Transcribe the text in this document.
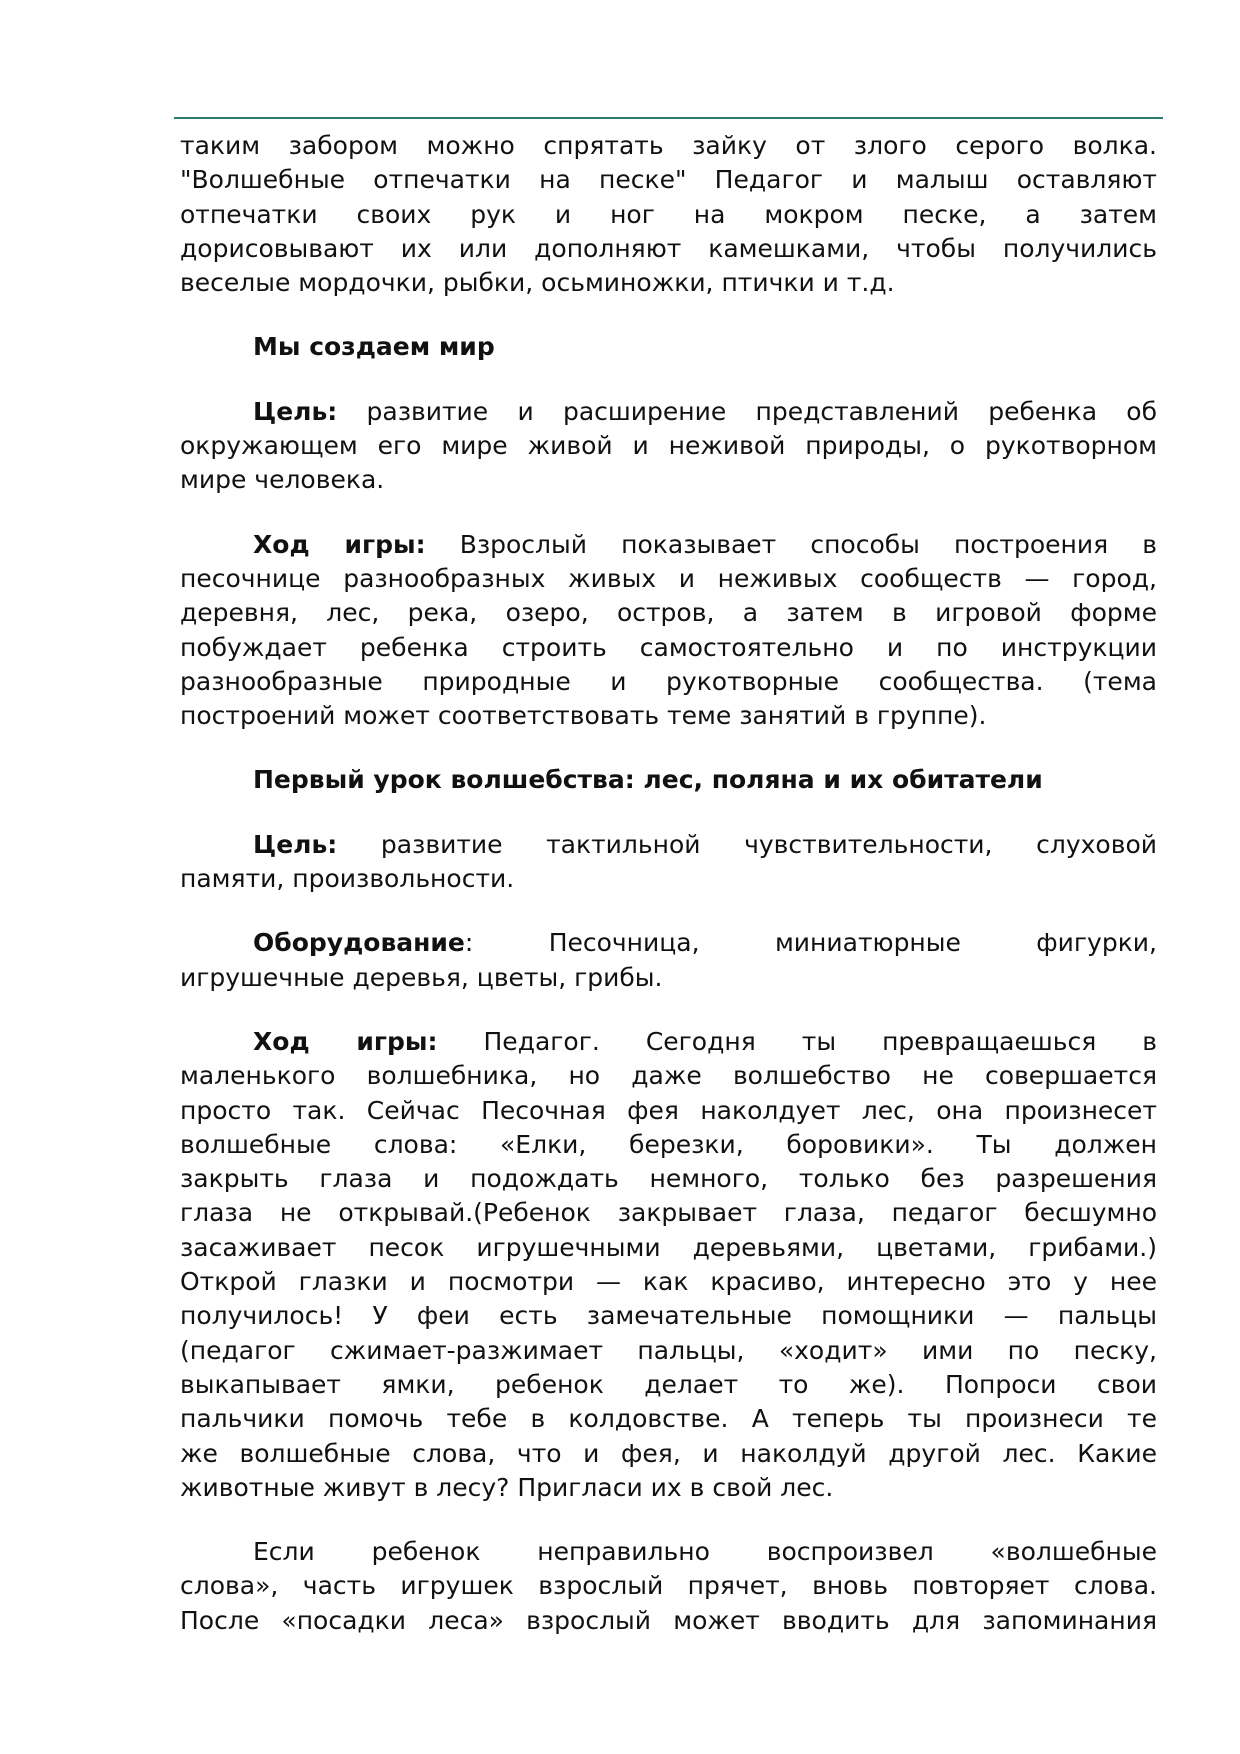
таким забором можно спрятать зайку от злого серого волка.
"Волшебные отпечатки на песке" Педагог и малыш оставляют
отпечатки своих рук и ног на мокром песке, а затем
дорисовывают их или дополняют камешками, чтобы получились
веселые мордочки, рыбки, осьминожки, птички и т.д.
Мы создаем мир
Цель: развитие и расширение представлений ребенка об
окружающем его мире живой и неживой природы, о рукотворном
мире человека.
Ход игры: Взрослый показывает способы построения в
песочнице разнообразных живых и неживых сообществ — город,
деревня, лес, река, озеро, остров, а затем в игровой форме
побуждает ребенка строить самостоятельно и по инструкции
разнообразные природные и рукотворные сообщества. (тема
построений может соответствовать теме занятий в группе).
Первый урок волшебства: лес, поляна и их обитатели
Цель: развитие тактильной чувствительности, слуховой
памяти, произвольности.
Оборудование: Песочница, миниатюрные фигурки,
игрушечные деревья, цветы, грибы.
Ход игры: Педагог. Сегодня ты превращаешься в
маленького волшебника, но даже волшебство не совершается
просто так. Сейчас Песочная фея наколдует лес, она произнесет
волшебные слова: «Елки, березки, боровики». Ты должен
закрыть глаза и подождать немного, только без разрешения
глаза не открывай.(Ребенок закрывает глаза, педагог бесшумно
засаживает песок игрушечными деревьями, цветами, грибами.)
Открой глазки и посмотри — как красиво, интересно это у нее
получилось! У феи есть замечательные помощники — пальцы
(педагог сжимает-разжимает пальцы, «ходит» ими по песку,
выкапывает ямки, ребенок делает то же). Попроси свои
пальчики помочь тебе в колдовстве. А теперь ты произнеси те
же волшебные слова, что и фея, и наколдуй другой лес. Какие
животные живут в лесу? Пригласи их в свой лес.
Если ребенок неправильно воспроизвел «волшебные
слова», часть игрушек взрослый прячет, вновь повторяет слова.
После «посадки леса» взрослый может вводить для запоминания
